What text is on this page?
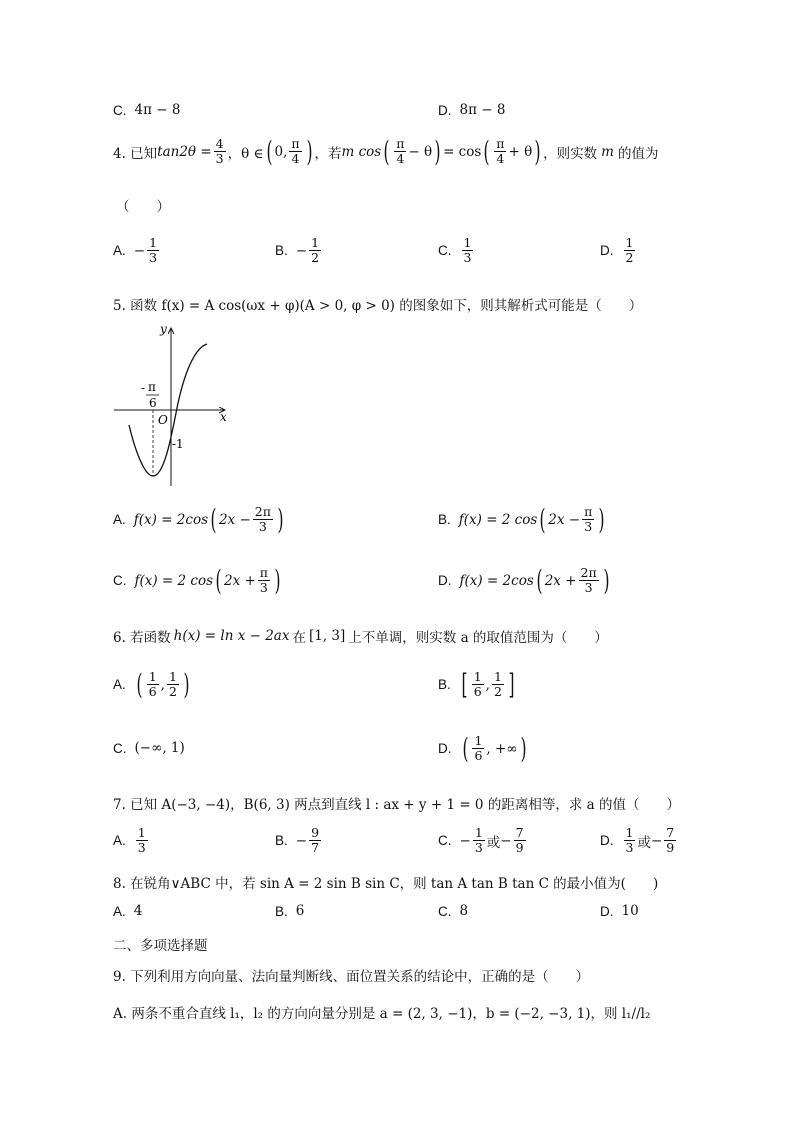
C. 4π − 8	D. 8π − 8
4. 已知 $\tan 2\theta = \frac{4}{3}$ ，θ ∈ ( 0, $\frac{\pi}{4}$ ) ，若 m cos ( $\frac{\pi}{4} - \theta$ ) = cos ( $\frac{\pi}{4} + \theta$ ) ，则实数 m 的值为
（　　）
A. − $\frac{1}{3}$	B. − $\frac{1}{2}$	C. $\frac{1}{3}$	D. $\frac{1}{2}$
5. 函数 f(x) = A cos(ωx + φ)(A > 0, φ > 0) 的图象如下，则其解析式可能是（　　）
y
x
O
- π
6
-1
A. f(x) = 2cos ( $2x - \frac{2\pi}{3}$ )	B. f(x) = 2 cos ( $2x - \frac{\pi}{3}$ )
C. f(x) = 2 cos ( $2x + \frac{\pi}{3}$ )	D. f(x) = 2cos ( $2x + \frac{2\pi}{3}$ )
6. 若函数 h(x) = ln x − 2ax 在 [1, 3] 上不单调，则实数 a 的取值范围为（　　）
A. ( $\frac{1}{6}$ , $\frac{1}{2}$ )	B. [ $\frac{1}{6}$ , $\frac{1}{2}$ ]
C. (−∞, 1)	D. ( $\frac{1}{6}$ , +∞ )
7. 已知 A(−3, −4)，B(6, 3) 两点到直线 l : ax + y + 1 = 0 的距离相等，求 a 的值（　　）
A. $\frac{1}{3}$	B. − $\frac{9}{7}$	C. − $\frac{1}{3}$ 或 − $\frac{7}{9}$	D. $\frac{1}{3}$ 或 − $\frac{7}{9}$
8. 在锐角∨ABC 中，若 sin A = 2 sin B sin C，则 tan A tan B tan C 的最小值为(　　)
A. 4	B. 6	C. 8	D. 10
二、多项选择题
9. 下列利用方向向量、法向量判断线、面位置关系的结论中，正确的是（　　）
A. 两条不重合直线 l₁，l₂ 的方向向量分别是 a = (2, 3, −1)，b = (−2, −3, 1)，则 l₁//l₂
